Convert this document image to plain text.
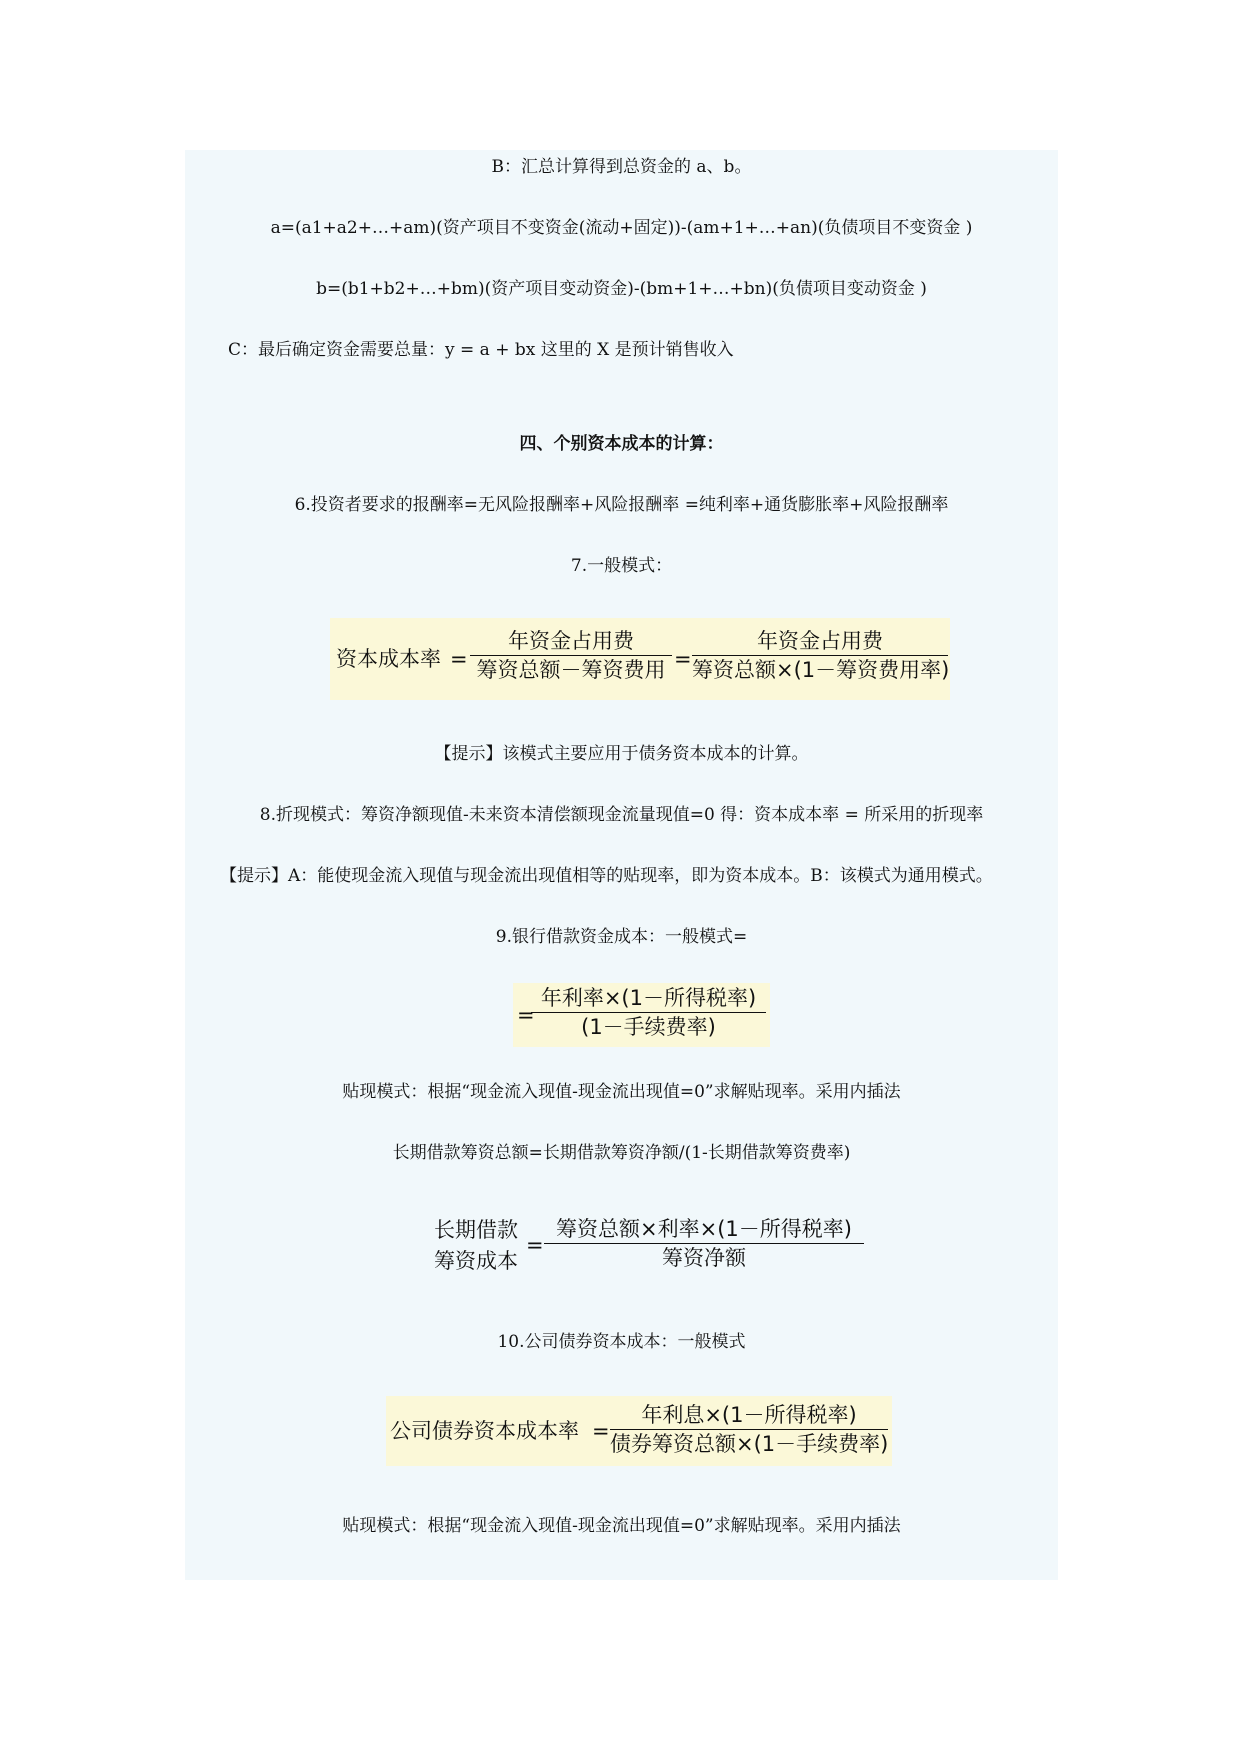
B：汇总计算得到总资金的 a、b。
a=(a1+a2+…+am)(资产项目不变资金(流动+固定))-(am+1+…+an)(负债项目不变资金 )
b=(b1+b2+…+bm)(资产项目变动资金)-(bm+1+…+bn)(负债项目变动资金 )
C：最后确定资金需要总量：y = a + bx 这里的 X 是预计销售收入
四、个别资本成本的计算：
6.投资者要求的报酬率=无风险报酬率+风险报酬率 =纯利率+通货膨胀率+风险报酬率
7.一般模式：
资本成本率 =
年资金占用费
筹资总额－筹资费用 =
年资金占用费
筹资总额×(1－筹资费用率)
【提示】该模式主要应用于债务资本成本的计算。
8.折现模式：筹资净额现值-未来资本清偿额现金流量现值=0 得：资本成本率 = 所采用的折现率
【提示】A：能使现金流入现值与现金流出现值相等的贴现率，即为资本成本。B：该模式为通用模式。
9.银行借款资金成本：一般模式=
=
年利率×(1－所得税率)
(1－手续费率)
贴现模式：根据“现金流入现值-现金流出现值=0”求解贴现率。采用内插法
长期借款筹资总额=长期借款筹资净额/(1-长期借款筹资费率)
长期借款
筹资成本
=
筹资总额×利率×(1－所得税率)
筹资净额
10.公司债券资本成本：一般模式
公司债券资本成本率 =
年利息×(1－所得税率)
债券筹资总额×(1－手续费率)
贴现模式：根据“现金流入现值-现金流出现值=0”求解贴现率。采用内插法
